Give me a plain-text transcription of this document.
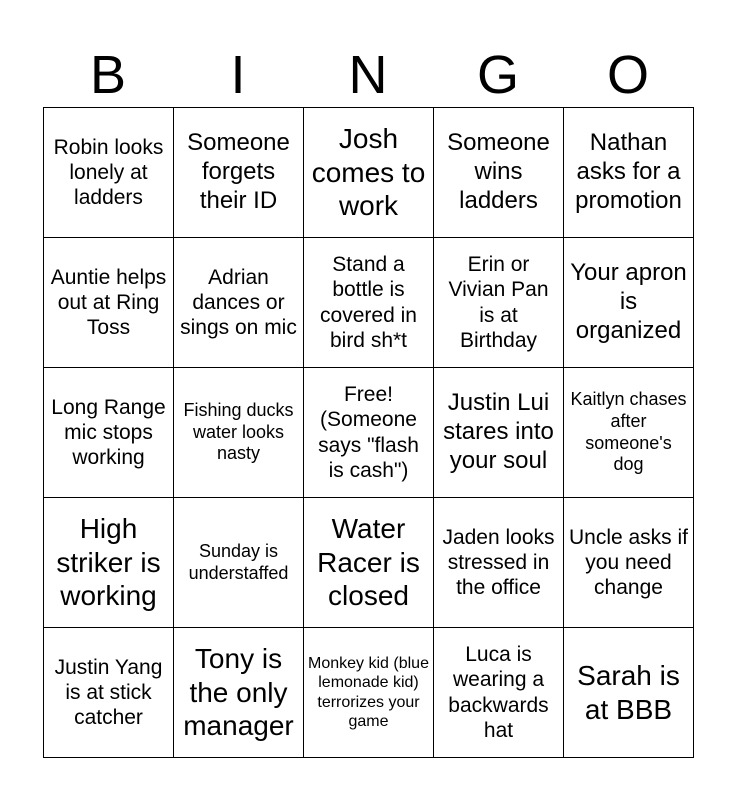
B	I	N	G	O
Robin looks lonely at ladders	Someone forgets their ID	Josh comes to work	Someone wins ladders	Nathan asks for a promotion
Auntie helps out at Ring Toss	Adrian dances or sings on mic	Stand a bottle is covered in bird sh*t	Erin or Vivian Pan is at Birthday	Your apron is organized
Long Range mic stops working	Fishing ducks water looks nasty	Free! (Someone says "flash is cash")	Justin Lui stares into your soul	Kaitlyn chases after someone's dog
High striker is working	Sunday is understaffed	Water Racer is closed	Jaden looks stressed in the office	Uncle asks if you need change
Justin Yang is at stick catcher	Tony is the only manager	Monkey kid (blue lemonade kid) terrorizes your game	Luca is wearing a backwards hat	Sarah is at BBB
